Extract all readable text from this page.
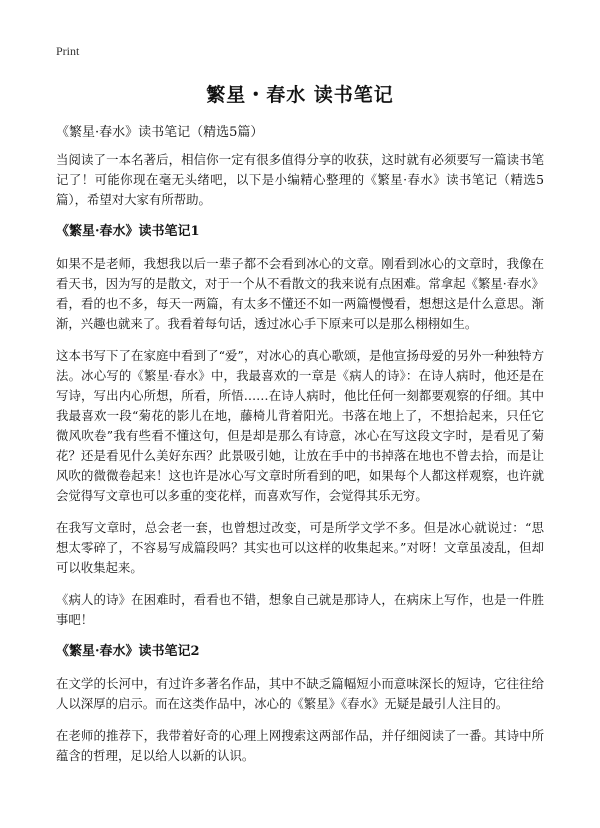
Print
繁星・春水 读书笔记
《繁星·春水》读书笔记（精选5篇）

当阅读了一本名著后，相信你一定有很多值得分享的收获，这时就有必须要写一篇读书笔记了！可能你现在毫无头绪吧，以下是小编精心整理的《繁星·春水》读书笔记（精选5篇），希望对大家有所帮助。

《繁星·春水》读书笔记1

如果不是老师，我想我以后一辈子都不会看到冰心的文章。刚看到冰心的文章时，我像在看天书，因为写的是散文，对于一个从不看散文的我来说有点困难。常拿起《繁星·春水》看，看的也不多，每天一两篇，有太多不懂还不如一两篇慢慢看，想想这是什么意思。渐渐，兴趣也就来了。我看着每句话，透过冰心手下原来可以是那么栩栩如生。

这本书写下了在家庭中看到了“爱”，对冰心的真心歌颂，是他宣扬母爱的另外一种独特方法。冰心写的《繁星·春水》中，我最喜欢的一章是《病人的诗》：在诗人病时，他还是在写诗，写出内心所想，所看，所悟……在诗人病时，他比任何一刻都要观察的仔细。其中我最喜欢一段“菊花的影儿在地，藤椅儿背着阳光。书落在地上了，不想拾起来，只任它微风吹卷”我有些看不懂这句，但是却是那么有诗意，冰心在写这段文字时，是看见了菊花？还是看见什么美好东西？此景吸引她，让放在手中的书掉落在地也不曾去拾，而是让风吹的微微卷起来！这也许是冰心写文章时所看到的吧，如果每个人都这样观察，也许就会觉得写文章也可以多重的变花样，而喜欢写作，会觉得其乐无穷。

在我写文章时，总会老一套，也曾想过改变，可是所学文学不多。但是冰心就说过：“思想太零碎了，不容易写成篇段吗？其实也可以这样的收集起来。”对呀！文章虽凌乱，但却可以收集起来。

《病人的诗》在困难时，看看也不错，想象自己就是那诗人，在病床上写作，也是一件胜事吧！

《繁星·春水》读书笔记2

在文学的长河中，有过许多著名作品，其中不缺乏篇幅短小而意味深长的短诗，它往往给人以深厚的启示。而在这类作品中，冰心的《繁星》《春水》无疑是最引人注目的。

在老师的推荐下，我带着好奇的心理上网搜索这两部作品，并仔细阅读了一番。其诗中所蕴含的哲理，足以给人以新的认识。
